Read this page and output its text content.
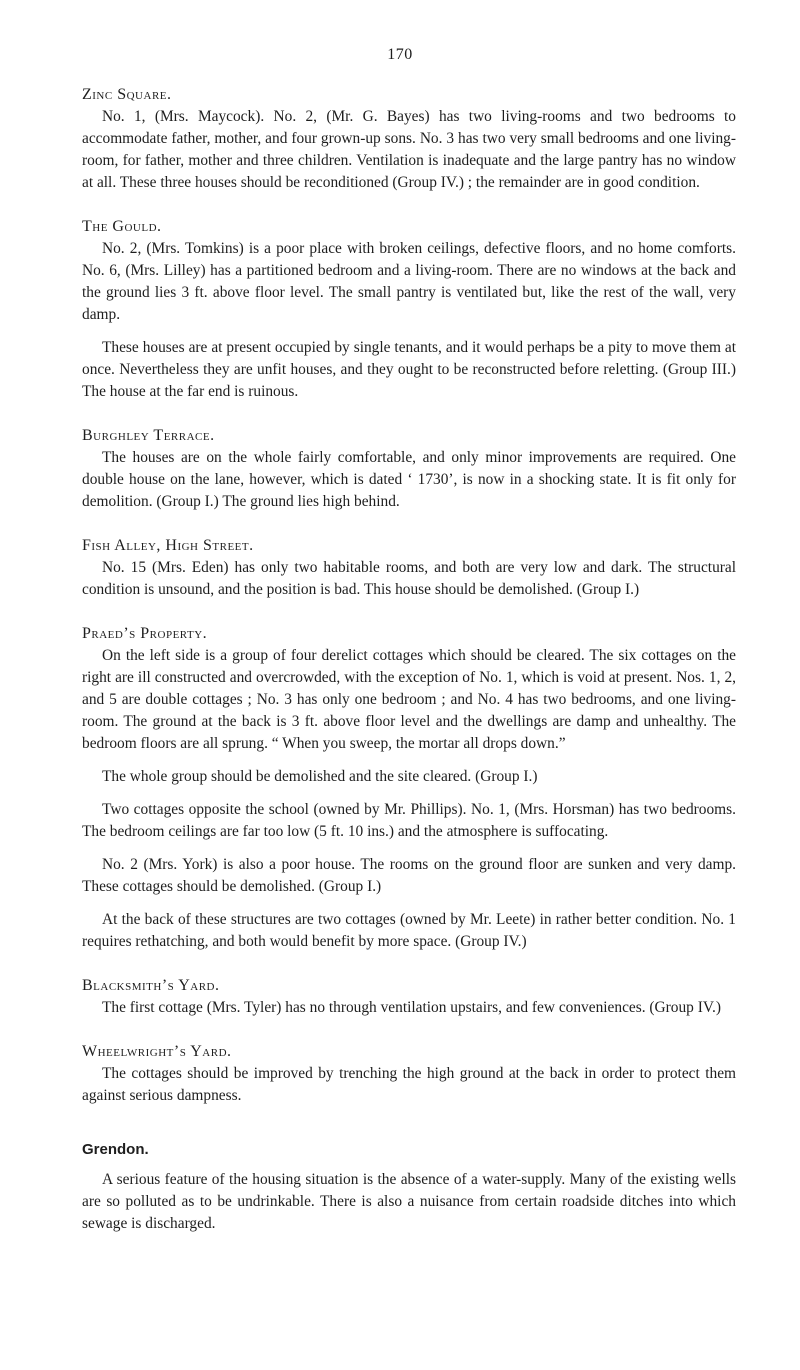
170

Zinc Square.

No. 1, (Mrs. Maycock). No. 2, (Mr. G. Bayes) has two living-rooms and two bedrooms to accommodate father, mother, and four grown-up sons. No. 3 has two very small bedrooms and one living-room, for father, mother and three children. Ventilation is inadequate and the large pantry has no window at all. These three houses should be reconditioned (Group IV.) ; the remainder are in good condition.

The Gould.

No. 2, (Mrs. Tomkins) is a poor place with broken ceilings, defective floors, and no home comforts. No. 6, (Mrs. Lilley) has a partitioned bedroom and a living-room. There are no windows at the back and the ground lies 3 ft. above floor level. The small pantry is ventilated but, like the rest of the wall, very damp.

These houses are at present occupied by single tenants, and it would perhaps be a pity to move them at once. Nevertheless they are unfit houses, and they ought to be reconstructed before reletting. (Group III.) The house at the far end is ruinous.

Burghley Terrace.

The houses are on the whole fairly comfortable, and only minor improvements are required. One double house on the lane, however, which is dated ‘ 1730’, is now in a shocking state. It is fit only for demolition. (Group I.) The ground lies high behind.

Fish Alley, High Street.

No. 15 (Mrs. Eden) has only two habitable rooms, and both are very low and dark. The structural condition is unsound, and the position is bad. This house should be demolished. (Group I.)

Praed’s Property.

On the left side is a group of four derelict cottages which should be cleared. The six cottages on the right are ill constructed and overcrowded, with the exception of No. 1, which is void at present. Nos. 1, 2, and 5 are double cottages ; No. 3 has only one bedroom ; and No. 4 has two bedrooms, and one living-room. The ground at the back is 3 ft. above floor level and the dwellings are damp and unhealthy. The bedroom floors are all sprung. “ When you sweep, the mortar all drops down.”

The whole group should be demolished and the site cleared. (Group I.)

Two cottages opposite the school (owned by Mr. Phillips). No. 1, (Mrs. Horsman) has two bedrooms. The bedroom ceilings are far too low (5 ft. 10 ins.) and the atmosphere is suffocating.

No. 2 (Mrs. York) is also a poor house. The rooms on the ground floor are sunken and very damp. These cottages should be demolished. (Group I.)

At the back of these structures are two cottages (owned by Mr. Leete) in rather better condition. No. 1 requires rethatching, and both would benefit by more space. (Group IV.)

Blacksmith’s Yard.

The first cottage (Mrs. Tyler) has no through ventilation upstairs, and few conveniences. (Group IV.)

Wheelwright’s Yard.

The cottages should be improved by trenching the high ground at the back in order to protect them against serious dampness.

Grendon.

A serious feature of the housing situation is the absence of a water-supply. Many of the existing wells are so polluted as to be undrinkable. There is also a nuisance from certain roadside ditches into which sewage is discharged.
